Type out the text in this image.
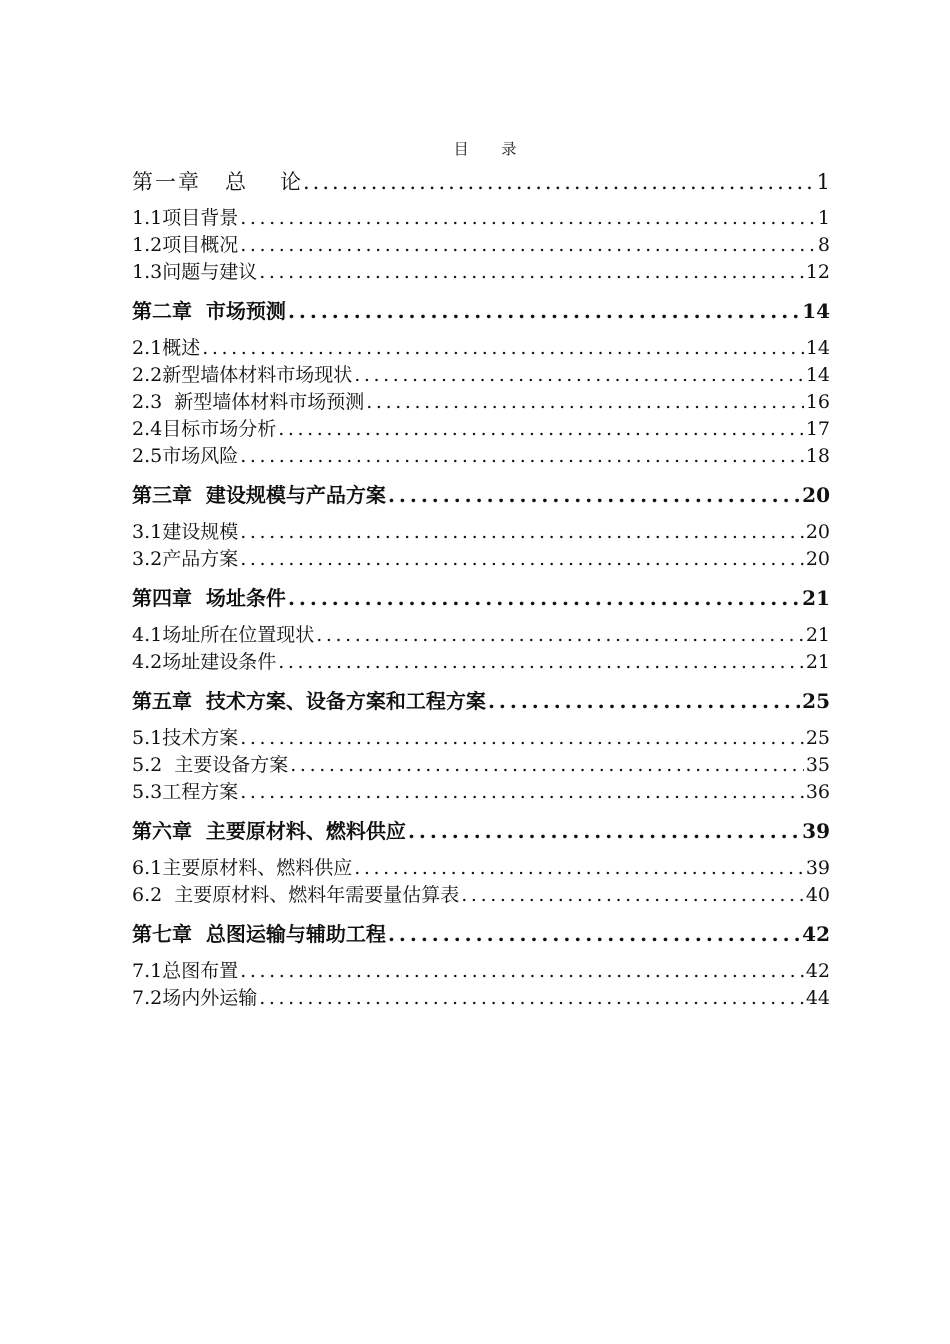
目 录
第一章 总 论 .....	1
1.1项目背景 .....	1
1.2项目概况 .....	8
1.3问题与建议 .....	12
第二章  市场预测 .....	14
2.1概述 .....	14
2.2新型墙体材料市场现状 .....	14
2.3  新型墙体材料市场预测 .....	16
2.4目标市场分析 .....	17
2.5市场风险 .....	18
第三章  建设规模与产品方案 .....	20
3.1建设规模 .....	20
3.2产品方案 .....	20
第四章  场址条件 .....	21
4.1场址所在位置现状 .....	21
4.2场址建设条件 .....	21
第五章  技术方案、设备方案和工程方案 .....	25
5.1技术方案 .....	25
5.2  主要设备方案 .....	35
5.3工程方案 .....	36
第六章  主要原材料、燃料供应 .....	39
6.1主要原材料、燃料供应 .....	39
6.2  主要原材料、燃料年需要量估算表 .....	40
第七章  总图运输与辅助工程 .....	42
7.1总图布置 .....	42
7.2场内外运输 .....	44
